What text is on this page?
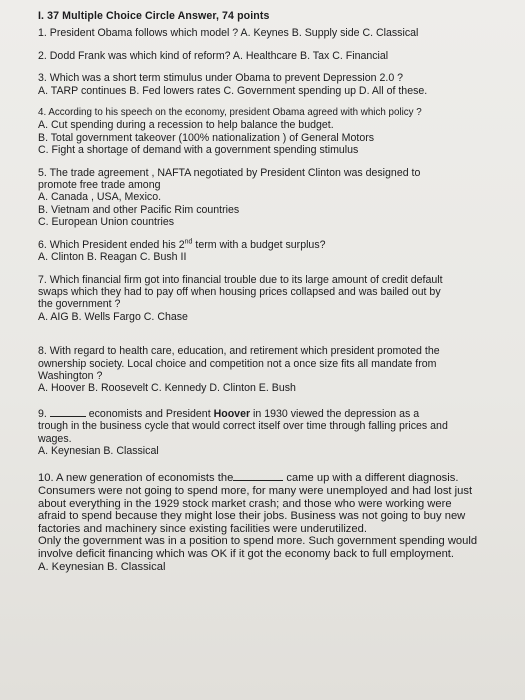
I. 37 Multiple Choice Circle Answer, 74 points
1. President Obama follows which model ? A. Keynes B. Supply side C. Classical
2. Dodd Frank was which kind of reform? A. Healthcare B. Tax C. Financial
3. Which was a short term stimulus under Obama to prevent Depression 2.0 ?
A. TARP continues B. Fed lowers rates C. Government spending up D. All of these.
4. According to his speech on the economy, president Obama agreed with which policy ?
A. Cut spending during a recession to help balance the budget.
B. Total government takeover (100% nationalization ) of General Motors
C. Fight a shortage of demand with a government spending stimulus
5. The trade agreement , NAFTA negotiated by President Clinton was designed to
promote free trade among
A. Canada , USA, Mexico.
B. Vietnam and other Pacific Rim countries
C. European Union countries
6. Which President ended his 2nd term with a budget surplus?
A. Clinton B. Reagan C. Bush II
7. Which financial firm got into financial trouble due to its large amount of credit default
swaps which they had to pay off when housing prices collapsed and was bailed out by
the government ?
A. AIG B. Wells Fargo C. Chase
8. With regard to health care, education, and retirement which president promoted the
ownership society. Local choice and competition not a once size fits all mandate from
Washington ?
A. Hoover B. Roosevelt C. Kennedy D. Clinton E. Bush
9.	economists and President Hoover in 1930 viewed the depression as a
trough in the business cycle that would correct itself over time through falling prices and
wages.
A. Keynesian B. Classical
10. A new generation of economists the	came up with a different diagnosis.
Consumers were not going to spend more, for many were unemployed and had lost just
about everything in the 1929 stock market crash; and those who were working were
afraid to spend because they might lose their jobs. Business was not going to buy new
factories and machinery since existing facilities were underutilized.
Only the government was in a position to spend more. Such government spending would
involve deficit financing which was OK if it got the economy back to full employment.
A. Keynesian B. Classical
